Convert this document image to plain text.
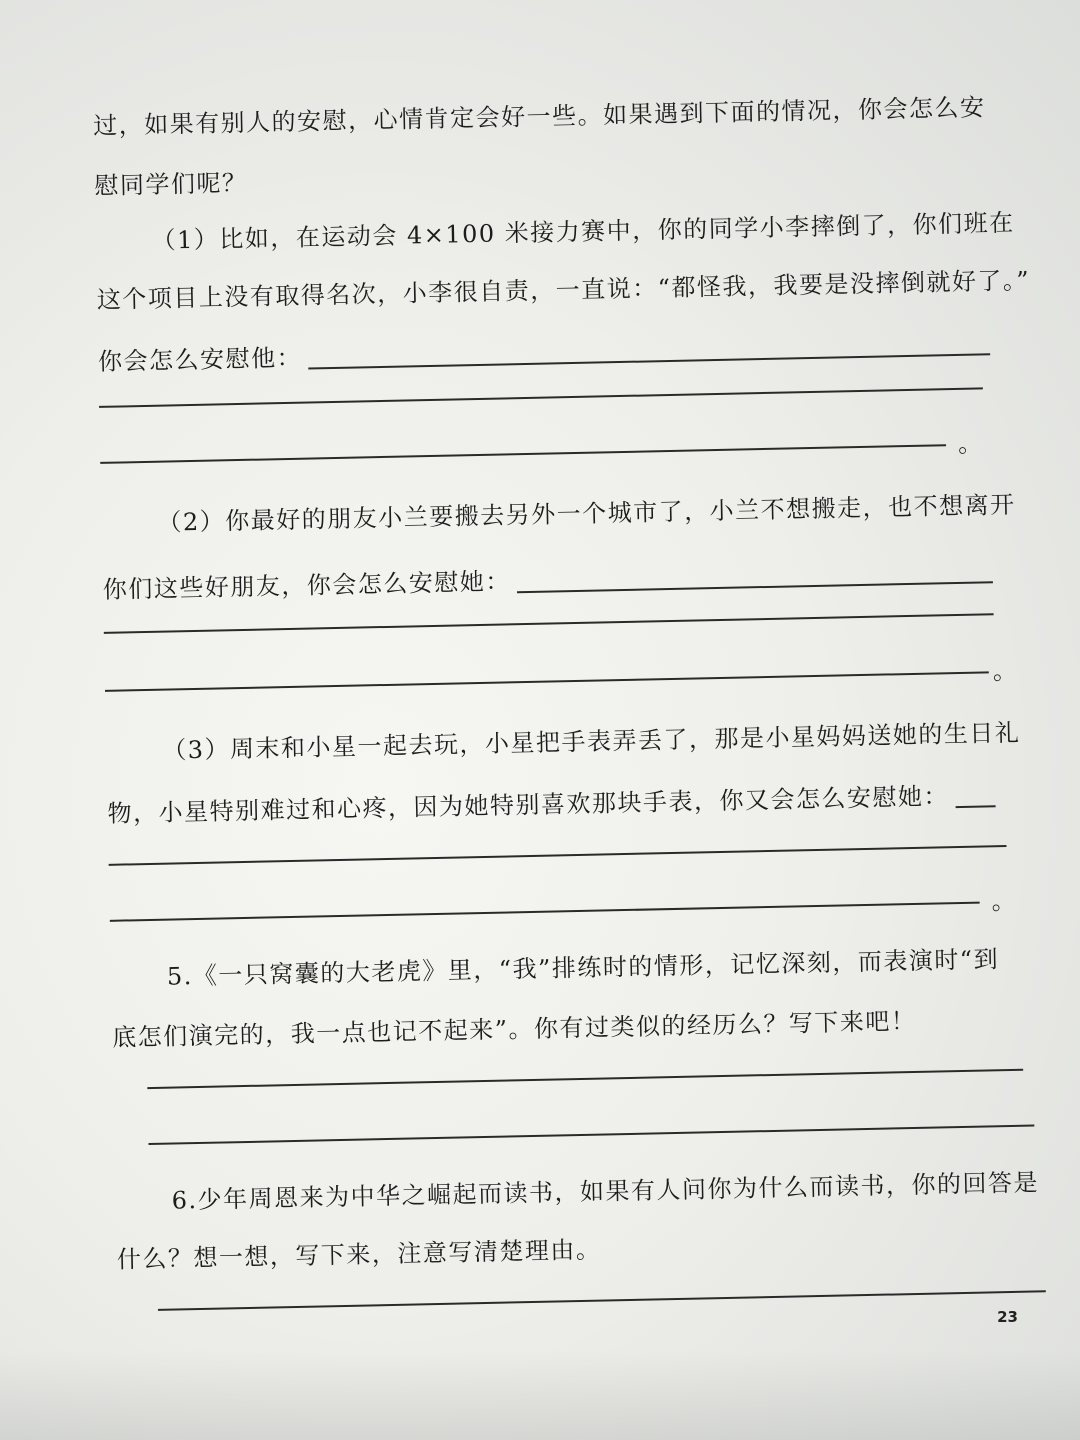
过，如果有别人的安慰，心情肯定会好一些。如果遇到下面的情况，你会怎么安
慰同学们呢？
（1）比如，在运动会 4×100 米接力赛中，你的同学小李摔倒了，你们班在
这个项目上没有取得名次，小李很自责，一直说：“都怪我，我要是没摔倒就好了。”
你会怎么安慰他：
。
（2）你最好的朋友小兰要搬去另外一个城市了，小兰不想搬走，也不想离开
你们这些好朋友，你会怎么安慰她：
。
（3）周末和小星一起去玩，小星把手表弄丢了，那是小星妈妈送她的生日礼
物，小星特别难过和心疼，因为她特别喜欢那块手表，你又会怎么安慰她：
。
5.《一只窝囊的大老虎》里，“我”排练时的情形，记忆深刻，而表演时“到
底怎们演完的，我一点也记不起来”。你有过类似的经历么？写下来吧！
6.少年周恩来为中华之崛起而读书，如果有人问你为什么而读书，你的回答是
什么？想一想，写下来，注意写清楚理由。
23
